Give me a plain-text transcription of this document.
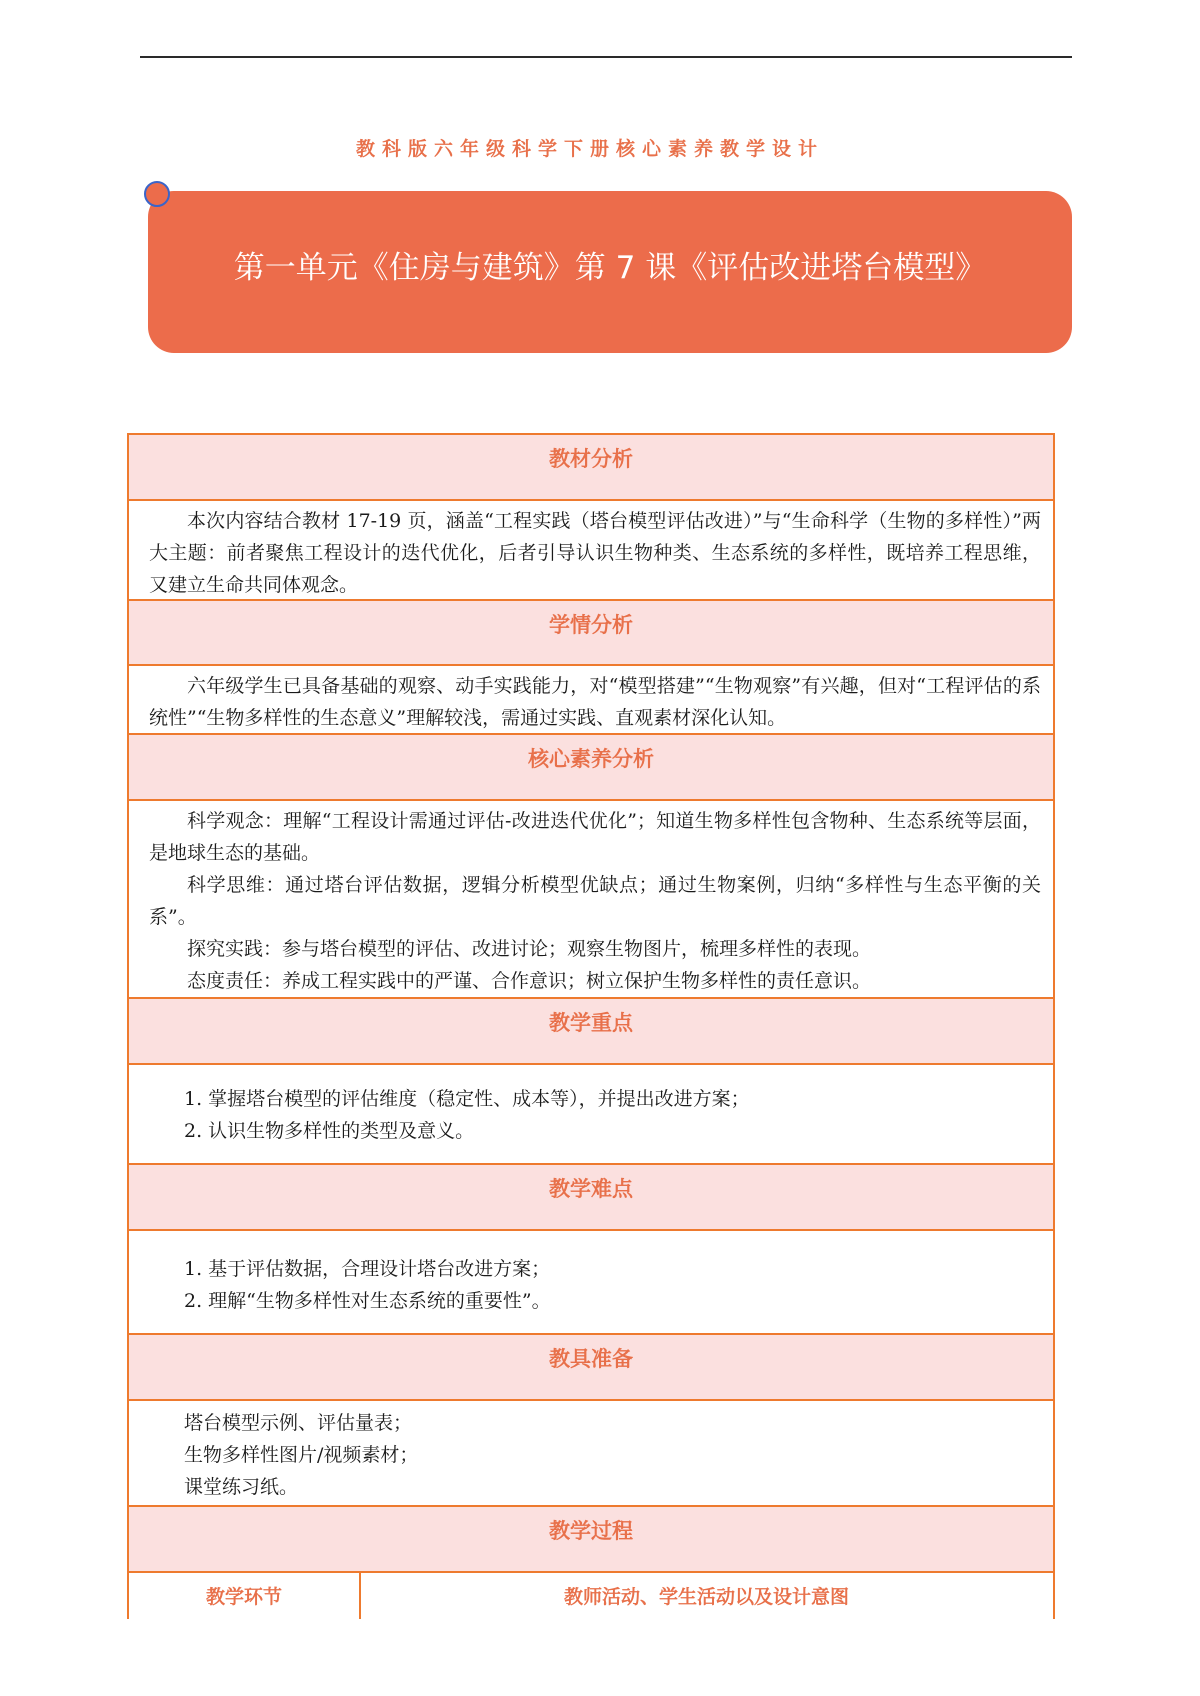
教科版六年级科学下册核心素养教学设计
第一单元《住房与建筑》第 7 课《评估改进塔台模型》
教材分析

本次内容结合教材 17-19 页，涵盖“工程实践（塔台模型评估改进）”与“生命科学（生物的多样性）”两大主题：前者聚焦工程设计的迭代优化，后者引导认识生物种类、生态系统的多样性，既培养工程思维，又建立生命共同体观念。

学情分析

六年级学生已具备基础的观察、动手实践能力，对“模型搭建”“生物观察”有兴趣，但对“工程评估的系统性”“生物多样性的生态意义”理解较浅，需通过实践、直观素材深化认知。

核心素养分析

科学观念：理解“工程设计需通过评估-改进迭代优化”；知道生物多样性包含物种、生态系统等层面，是地球生态的基础。

科学思维：通过塔台评估数据，逻辑分析模型优缺点；通过生物案例，归纳“多样性与生态平衡的关系”。

探究实践：参与塔台模型的评估、改进讨论；观察生物图片，梳理多样性的表现。

态度责任：养成工程实践中的严谨、合作意识；树立保护生物多样性的责任意识。

教学重点

1. 掌握塔台模型的评估维度（稳定性、成本等），并提出改进方案；

2. 认识生物多样性的类型及意义。

教学难点

1. 基于评估数据，合理设计塔台改进方案；

2. 理解“生物多样性对生态系统的重要性”。

教具准备

塔台模型示例、评估量表；

生物多样性图片/视频素材；

课堂练习纸。

教学过程
教学环节	教师活动、学生活动以及设计意图
